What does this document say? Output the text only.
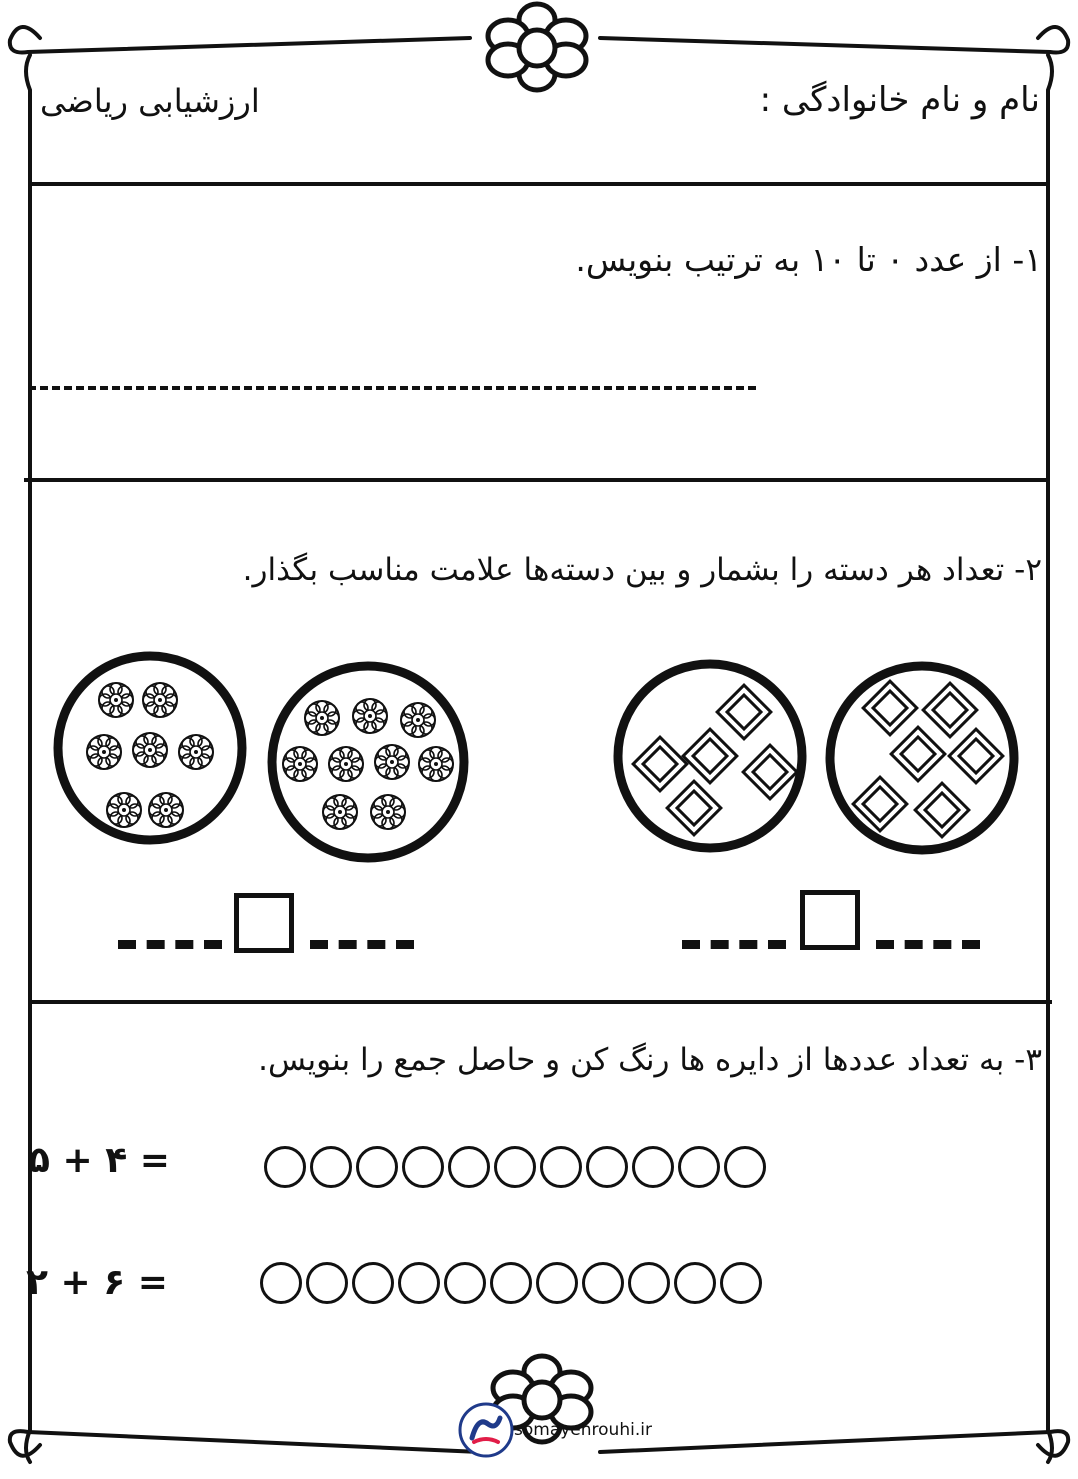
نام و نام خانوادگی :
ارزشیابی ریاضی
۱- از عدد ۰ تا ۱۰ به ترتیب بنویس.
۲- تعداد هر دسته را بشمار و بین دسته‌ها علامت مناسب بگذار.
۳- به تعداد عددها از دایره ها رنگ کن و حاصل جمع را بنویس.
۵ + ۴ =
۲ + ۶ =
somayehrouhi.ir
